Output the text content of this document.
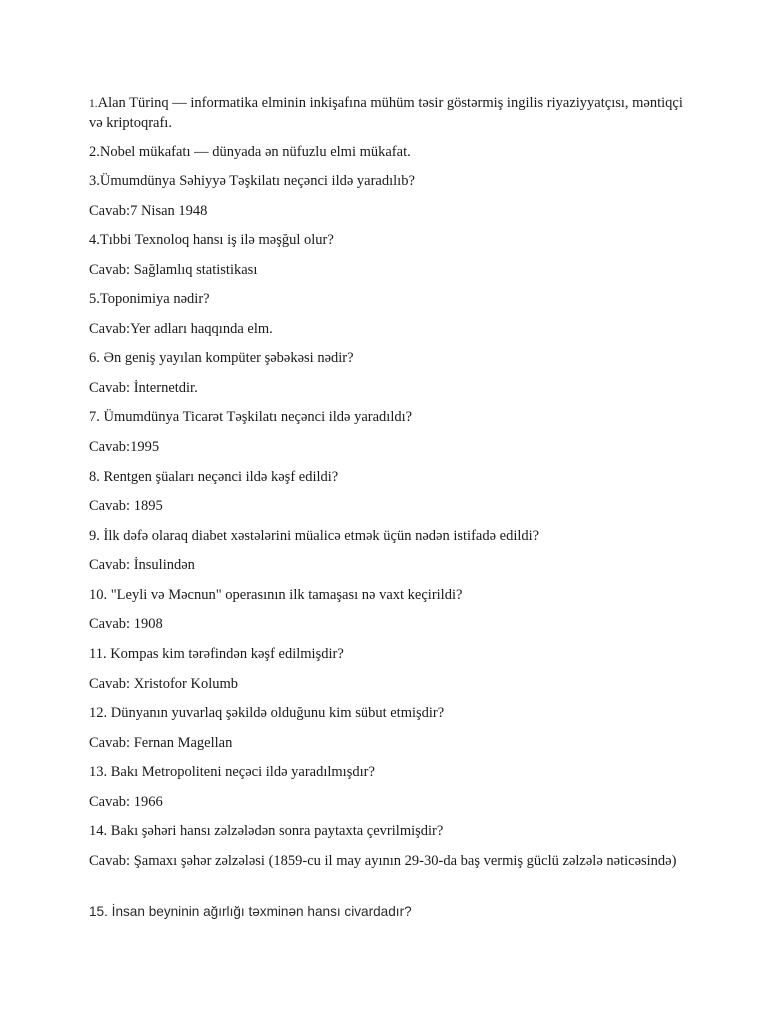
1.Alan Türinq — informatika elminin inkişafına mühüm təsir göstərmiş ingilis riyaziyyatçısı, məntiqçi və kriptoqrafı.
2.Nobel mükafatı — dünyada ən nüfuzlu elmi mükafat.
3.Ümumdünya Səhiyyə Təşkilatı neçənci ildə yaradılıb?
Cavab:7 Nisan 1948
4.Tıbbi Texnoloq hansı iş ilə məşğul olur?
Cavab: Sağlamlıq statistikası
5.Toponimiya nədir?
Cavab:Yer adları haqqında elm.
6. Ən geniş yayılan kompüter şəbəkəsi nədir?
Cavab: İnternetdir.
7. Ümumdünya Ticarət Təşkilatı neçənci ildə yaradıldı?
Cavab:1995
8. Rentgen şüaları neçənci ildə kəşf edildi?
Cavab: 1895
9. İlk dəfə olaraq diabet xəstələrini müalicə etmək üçün nədən istifadə edildi?
Cavab: İnsulindən
10. "Leyli və Məcnun" operasının ilk tamaşası nə vaxt keçirildi?
Cavab: 1908
11. Kompas kim tərəfindən kəşf edilmişdir?
Cavab: Xristofor Kolumb
12. Dünyanın yuvarlaq şəkildə olduğunu kim sübut etmişdir?
Cavab: Fernan Magellan
13. Bakı Metropoliteni neçəci ildə yaradılmışdır?
Cavab: 1966
14. Bakı şəhəri hansı zəlzələdən sonra paytaxta çevrilmişdir?
Cavab: Şamaxı şəhər zəlzələsi (1859-cu il may ayının 29-30-da baş vermiş güclü zəlzələ nəticəsində)
15. İnsan beyninin ağırlığı təxminən hansı civardadır?
